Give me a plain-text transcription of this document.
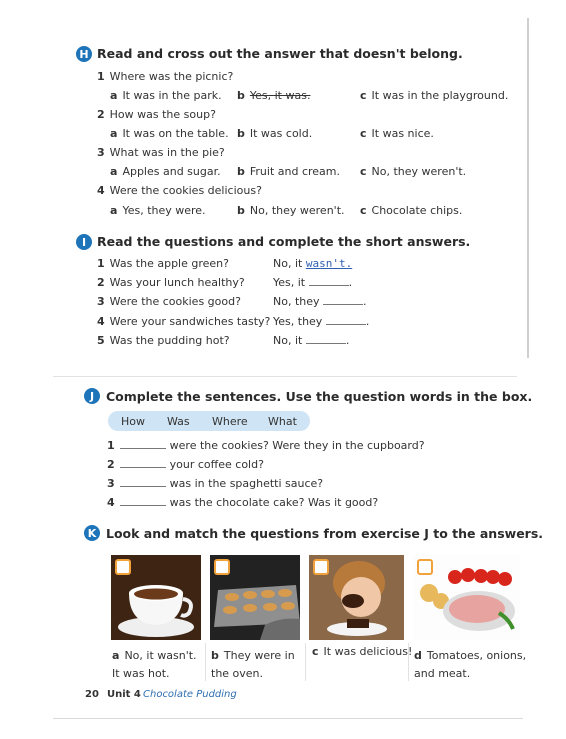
H Read and cross out the answer that doesn't belong.
1 Where was the picnic?
a It was in the park. b Yes, it was.	c It was in the playground.
2 How was the soup?
a It was on the table. b It was cold.	c It was nice.
3 What was in the pie?
a Apples and sugar. b Fruit and cream. c No, they weren't.
4 Were the cookies delicious?
a Yes, they were.	b No, they weren't. c Chocolate chips.
I Read the questions and complete the short answers.
1 Was the apple green?	No, it wasn't.
2 Was your lunch healthy?	Yes, it	.
3 Were the cookies good?	No, they	.
4 Were your sandwiches tasty? Yes, they	.
5 Was the pudding hot?	No, it	.
J Complete the sentences. Use the question words in the box.
How Was Where What
1	were the cookies? Were they in the cupboard?
2	your coffee cold?
3	was in the spaghetti sauce?
4	was the chocolate cake? Was it good?
K Look and match the questions from exercise J to the answers.
a No, it wasn't.
It was hot.
b They were in
the oven.
c It was delicious! d Tomatoes, onions,
and meat.
20 Unit 4 Chocolate Pudding
